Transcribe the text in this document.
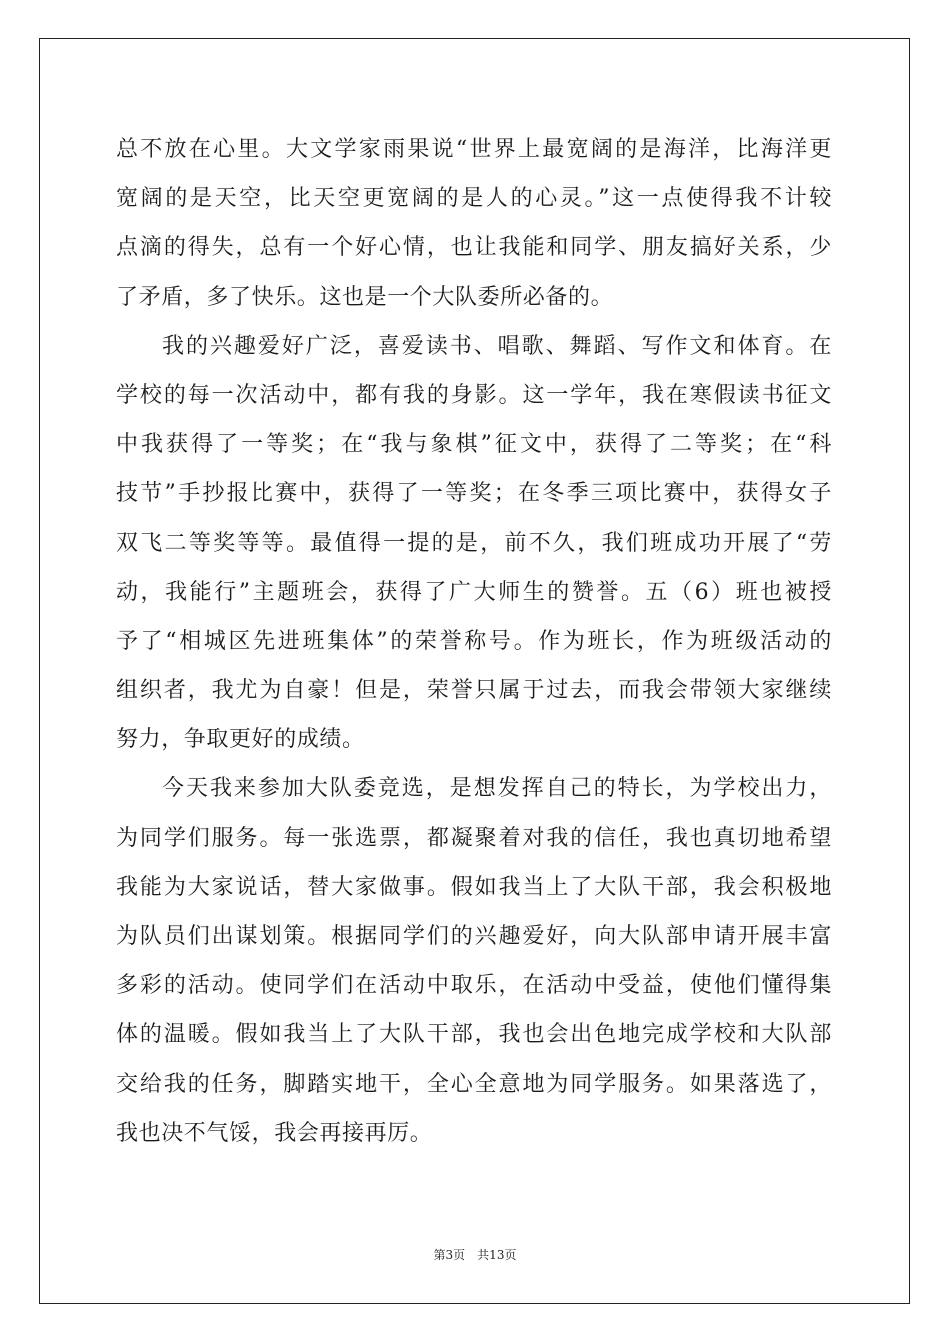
总不放在心里。大文学家雨果说“世界上最宽阔的是海洋，比海洋更
宽阔的是天空，比天空更宽阔的是人的心灵。”这一点使得我不计较
点滴的得失，总有一个好心情，也让我能和同学、朋友搞好关系，少
了矛盾，多了快乐。这也是一个大队委所必备的。
我的兴趣爱好广泛，喜爱读书、唱歌、舞蹈、写作文和体育。在
学校的每一次活动中，都有我的身影。这一学年，我在寒假读书征文
中我获得了一等奖；在“我与象棋”征文中，获得了二等奖；在“科
技节”手抄报比赛中，获得了一等奖；在冬季三项比赛中，获得女子
双飞二等奖等等。最值得一提的是，前不久，我们班成功开展了“劳
动，我能行”主题班会，获得了广大师生的赞誉。五（6）班也被授
予了“相城区先进班集体”的荣誉称号。作为班长，作为班级活动的
组织者，我尤为自豪！但是，荣誉只属于过去，而我会带领大家继续
努力，争取更好的成绩。
今天我来参加大队委竞选，是想发挥自己的特长，为学校出力，
为同学们服务。每一张选票，都凝聚着对我的信任，我也真切地希望
我能为大家说话，替大家做事。假如我当上了大队干部，我会积极地
为队员们出谋划策。根据同学们的兴趣爱好，向大队部申请开展丰富
多彩的活动。使同学们在活动中取乐，在活动中受益，使他们懂得集
体的温暖。假如我当上了大队干部，我也会出色地完成学校和大队部
交给我的任务，脚踏实地干，全心全意地为同学服务。如果落选了，
我也决不气馁，我会再接再厉。
第3页　共13页
